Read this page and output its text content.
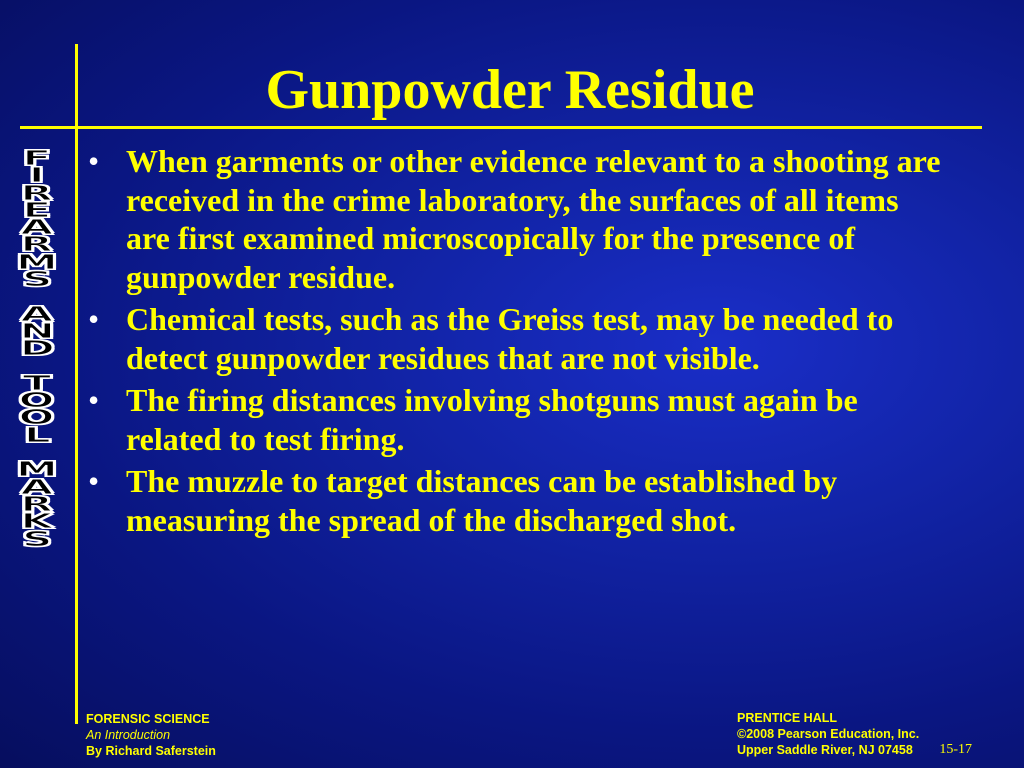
F
I
R
E
A
R
M
S

A
N
D

T
O
O
L

M
A
R
K
S
Gunpowder Residue
• When garments or other evidence relevant to a shooting are received in the crime laboratory, the surfaces of all items are first examined microscopically for the presence of gunpowder residue.
• Chemical tests, such as the Greiss test, may be needed to detect gunpowder residues that are not visible.
• The firing distances involving shotguns must again be related to test firing.
• The muzzle to target distances can be established by measuring the spread of the discharged shot.
FORENSIC SCIENCE
An Introduction
By Richard Saferstein
PRENTICE HALL
©2008 Pearson Education, Inc.
Upper Saddle River, NJ 07458	15-17
